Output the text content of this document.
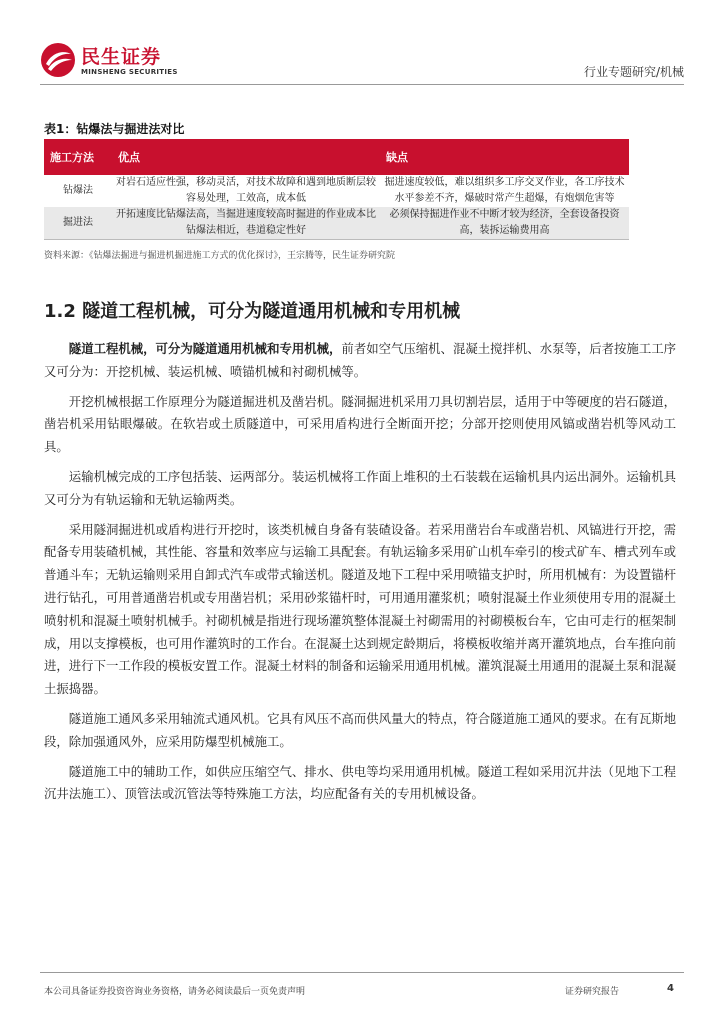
民生证券
MINSHENG SECURITIES	行业专题研究/机械
表1：钻爆法与掘进法对比
施工方法	优点	缺点
钻爆法	对岩石适应性强，移动灵活，对技术故障和遇到地质断层较容易处理，工效高，成本低	掘进速度较低，难以组织多工序交叉作业，各工序技术水平参差不齐，爆破时常产生超爆，有炮烟危害等
掘进法	开拓速度比钻爆法高，当掘进速度较高时掘进的作业成本比钻爆法相近，巷道稳定性好	必须保持掘进作业不中断才较为经济，全套设备投资高，装拆运输费用高
资料来源：《钻爆法掘进与掘进机掘进施工方式的优化探讨》，王宗腾等，民生证券研究院
1.2 隧道工程机械，可分为隧道通用机械和专用机械

隧道工程机械，可分为隧道通用机械和专用机械，前者如空气压缩机、混凝土搅拌机、水泵等，后者按施工工序又可分为：开挖机械、装运机械、喷锚机械和衬砌机械等。

开挖机械根据工作原理分为隧道掘进机及凿岩机。隧洞掘进机采用刀具切割岩层，适用于中等硬度的岩石隧道，凿岩机采用钻眼爆破。在软岩或土质隧道中，可采用盾构进行全断面开挖；分部开挖则使用风镐或凿岩机等风动工具。

运输机械完成的工序包括装、运两部分。装运机械将工作面上堆积的土石装载在运输机具内运出洞外。运输机具又可分为有轨运输和无轨运输两类。

采用隧洞掘进机或盾构进行开挖时，该类机械自身备有装碴设备。若采用凿岩台车或凿岩机、风镐进行开挖，需配备专用装碴机械，其性能、容量和效率应与运输工具配套。有轨运输多采用矿山机车牵引的梭式矿车、槽式列车或普通斗车；无轨运输则采用自卸式汽车或带式输送机。隧道及地下工程中采用喷锚支护时，所用机械有：为设置锚杆进行钻孔，可用普通凿岩机或专用凿岩机；采用砂浆锚杆时，可用通用灌浆机；喷射混凝土作业须使用专用的混凝土喷射机和混凝土喷射机械手。衬砌机械是指进行现场灌筑整体混凝土衬砌需用的衬砌模板台车，它由可走行的框架制成，用以支撑模板，也可用作灌筑时的工作台。在混凝土达到规定龄期后，将模板收缩并离开灌筑地点，台车推向前进，进行下一工作段的模板安置工作。混凝土材料的制备和运输采用通用机械。灌筑混凝土用通用的混凝土泵和混凝土振捣器。

隧道施工通风多采用轴流式通风机。它具有风压不高而供风量大的特点，符合隧道施工通风的要求。在有瓦斯地段，除加强通风外，应采用防爆型机械施工。

隧道施工中的辅助工作，如供应压缩空气、排水、供电等均采用通用机械。隧道工程如采用沉井法（见地下工程沉井法施工）、顶管法或沉管法等特殊施工方法，均应配备有关的专用机械设备。

本公司具备证券投资咨询业务资格，请务必阅读最后一页免责声明	证券研究报告	4
